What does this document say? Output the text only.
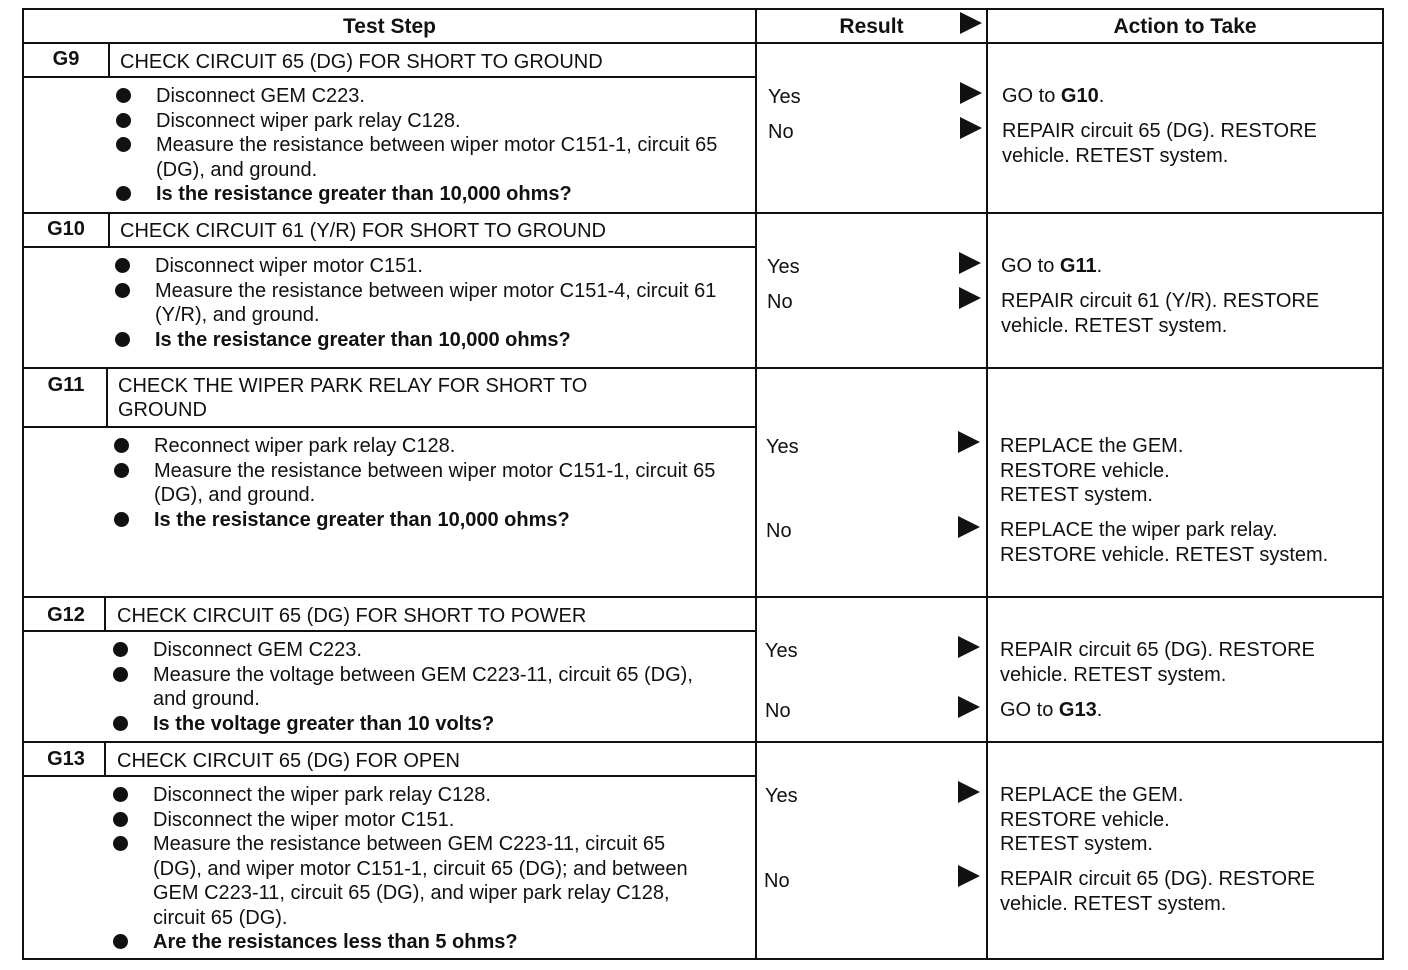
Test Step	Result	Action to Take
G9	CHECK CIRCUIT 65 (DG) FOR SHORT TO GROUND
Disconnect GEM C223.
Disconnect wiper park relay C128.
Measure the resistance between wiper motor C151-1, circuit 65 (DG), and ground.
Is the resistance greater than 10,000 ohms?
Yes	GO to G10.
No	REPAIR circuit 65 (DG). RESTORE vehicle. RETEST system.
G10	CHECK CIRCUIT 61 (Y/R) FOR SHORT TO GROUND
Disconnect wiper motor C151.
Measure the resistance between wiper motor C151-4, circuit 61 (Y/R), and ground.
Is the resistance greater than 10,000 ohms?
Yes	GO to G11.
No	REPAIR circuit 61 (Y/R). RESTORE vehicle. RETEST system.
G11	CHECK THE WIPER PARK RELAY FOR SHORT TO GROUND
Reconnect wiper park relay C128.
Measure the resistance between wiper motor C151-1, circuit 65 (DG), and ground.
Is the resistance greater than 10,000 ohms?
Yes	REPLACE the GEM. RESTORE vehicle. RETEST system.
No	REPLACE the wiper park relay. RESTORE vehicle. RETEST system.
G12	CHECK CIRCUIT 65 (DG) FOR SHORT TO POWER
Disconnect GEM C223.
Measure the voltage between GEM C223-11, circuit 65 (DG), and ground.
Is the voltage greater than 10 volts?
Yes	REPAIR circuit 65 (DG). RESTORE vehicle. RETEST system.
No	GO to G13.
G13	CHECK CIRCUIT 65 (DG) FOR OPEN
Disconnect the wiper park relay C128.
Disconnect the wiper motor C151.
Measure the resistance between GEM C223-11, circuit 65 (DG), and wiper motor C151-1, circuit 65 (DG); and between GEM C223-11, circuit 65 (DG), and wiper park relay C128, circuit 65 (DG).
Are the resistances less than 5 ohms?
Yes	REPLACE the GEM. RESTORE vehicle. RETEST system.
No	REPAIR circuit 65 (DG). RESTORE vehicle. RETEST system.
